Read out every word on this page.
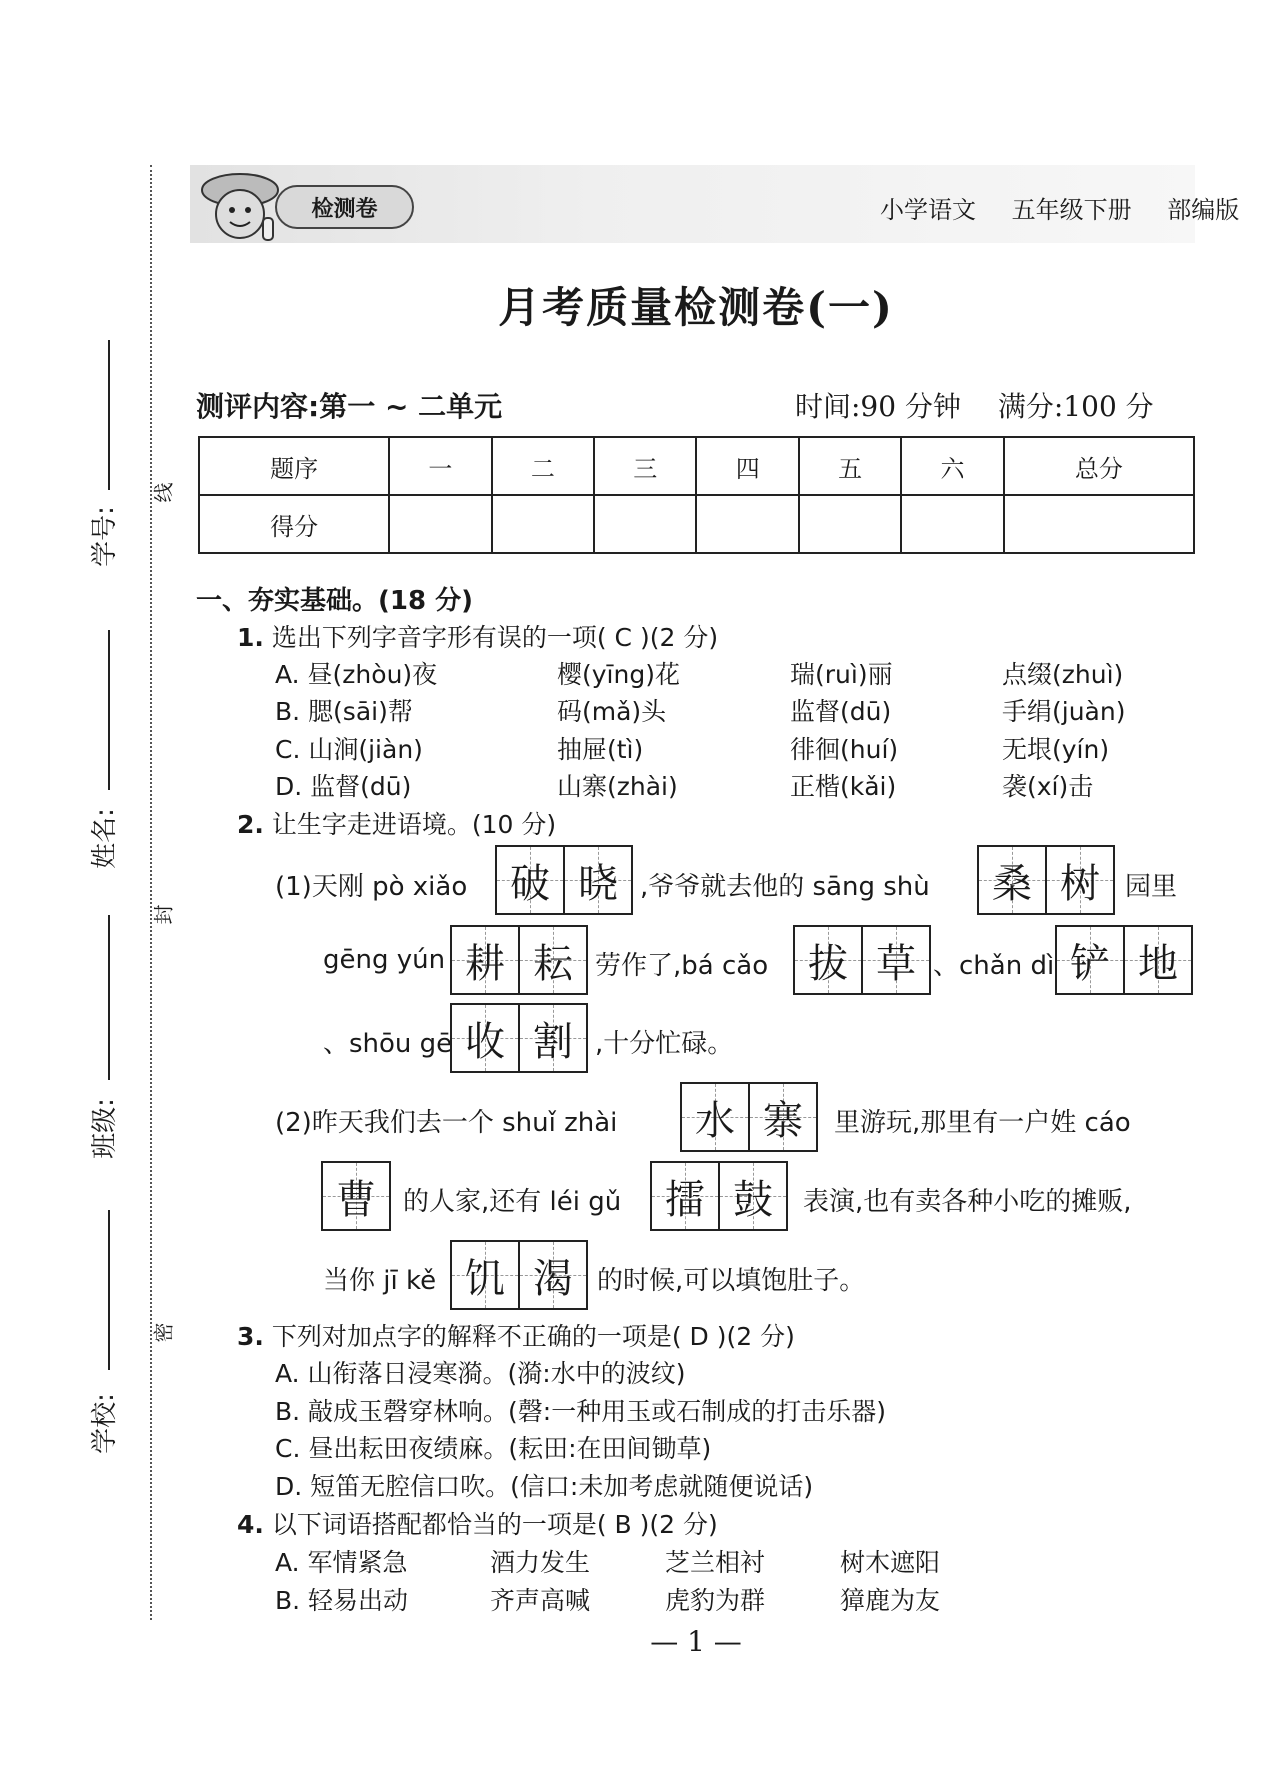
学号:
姓名:
班级:
学校:
线
封
密
检测卷	小学语文 五年级下册 部编版
月考质量检测卷(一)
测评内容:第一 ~ 二单元	时间:90 分钟 满分:100 分
题序	一	二	三	四	五	六	总分
得分							
一、夯实基础。(18 分)
1. 选出下列字音字形有误的一项( C )(2 分)
A. 昼(zhòu)夜	樱(yīng)花	瑞(ruì)丽	点缀(zhuì)
B. 腮(sāi)帮	码(mǎ)头	监督(dū)	手绢(juàn)
C. 山涧(jiàn)	抽屉(tì)	徘徊(huí)	无垠(yín)
D. 监督(dū)	山寨(zhài)	正楷(kǎi)	袭(xí)击
2. 让生字走进语境。(10 分)
(1)天刚 pò xiǎo 破 晓 ,爷爷就去他的 sāng shù 桑 树 园里
gēng yún 耕 耘 劳作了,bá cǎo 拔 草 、chǎn dì 铲 地
、shōu gē 收 割 ,十分忙碌。
(2)昨天我们去一个 shuǐ zhài 水 寨 里游玩,那里有一户姓 cáo
曹 的人家,还有 léi gǔ 擂 鼓 表演,也有卖各种小吃的摊贩,
当你 jī kě 饥 渴 的时候,可以填饱肚子。
3. 下列对加点字的解释不正确的一项是( D )(2 分)
A. 山衔落日浸寒漪。(漪:水中的波纹)
B. 敲成玉磬穿林响。(磬:一种用玉或石制成的打击乐器)
C. 昼出耘田夜绩麻。(耘田:在田间锄草)
D. 短笛无腔信口吹。(信口:未加考虑就随便说话)
4. 以下词语搭配都恰当的一项是( B )(2 分)
A. 军情紧急	酒力发生	芝兰相衬	树木遮阳
B. 轻易出动	齐声高喊	虎豹为群	獐鹿为友
— 1 —
